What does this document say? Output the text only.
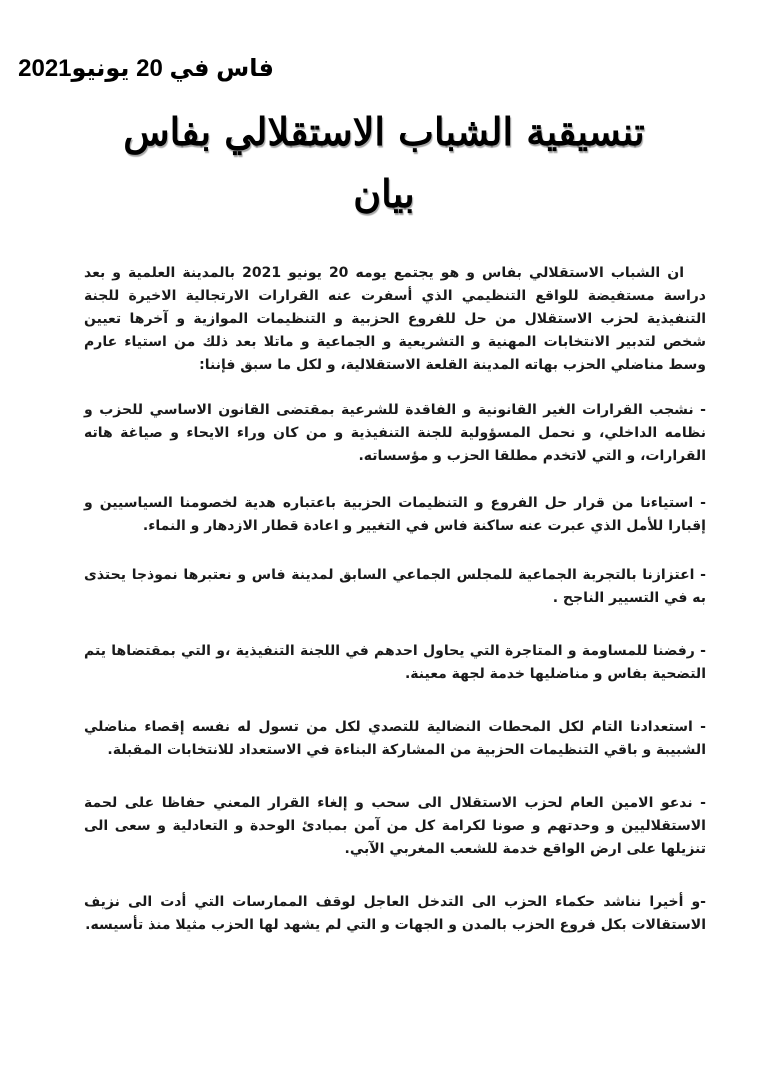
فاس في 20 يونيو2021
تنسيقية الشباب الاستقلالي بفاس
بيان

ان الشباب الاستقلالي بفاس و هو يجتمع يومه 20 يونيو 2021 بالمدينة العلمية و بعد دراسة مستفيضة للواقع التنظيمي الذي أسفرت عنه القرارات الارتجالية الاخيرة للجنة التنفيذية لحزب الاستقلال من حل للفروع الحزبية و التنظيمات الموازية و آخرها تعيين شخص لتدبير الانتخابات المهنية و التشريعية و الجماعية و ماتلا بعد ذلك من استياء عارم وسط مناضلي الحزب بهاته المدينة القلعة الاستقلالية، و لكل ما سبق فإننا:

- نشجب القرارات الغير القانونية و الفاقدة للشرعية بمقتضى القانون الاساسي للحزب و نظامه الداخلي، و نحمل المسؤولية للجنة التنفيذية و من كان وراء الايحاء و صياغة هاته القرارات، و التي لاتخدم مطلقا الحزب و مؤسساته.

- استياءنا من قرار حل الفروع و التنظيمات الحزبية باعتباره هدية لخصومنا السياسيين و إقبارا للأمل الذي عبرت عنه ساكنة فاس في التغيير و اعادة قطار الازدهار و النماء.

- اعتزازنا بالتجربة الجماعية للمجلس الجماعي السابق لمدينة فاس و نعتبرها نموذجا يحتذى به في التسيير الناجح .

- رفضنا للمساومة و المتاجرة التي يحاول احدهم في اللجنة التنفيذية ،و التي بمقتضاها يتم التضحية بفاس و مناضليها خدمة لجهة معينة.

- استعدادنا التام لكل المحطات النضالية للتصدي لكل من تسول له نفسه إقصاء مناضلي الشبيبة و باقي التنظيمات الحزبية من المشاركة البناءة في الاستعداد للانتخابات المقبلة.

- ندعو الامين العام لحزب الاستقلال الى سحب و إلغاء القرار المعني حفاظا على لحمة الاستقلاليين و وحدتهم و صونا لكرامة كل من آمن بمبادئ الوحدة و التعادلية و سعى الى تنزيلها على ارض الواقع خدمة للشعب المغربي الآبي.

-و أخيرا نناشد حكماء الحزب الى التدخل العاجل لوقف الممارسات التي أدت الى نزيف الاستقالات بكل فروع الحزب بالمدن و الجهات و التي لم يشهد لها الحزب مثيلا منذ تأسيسه.
